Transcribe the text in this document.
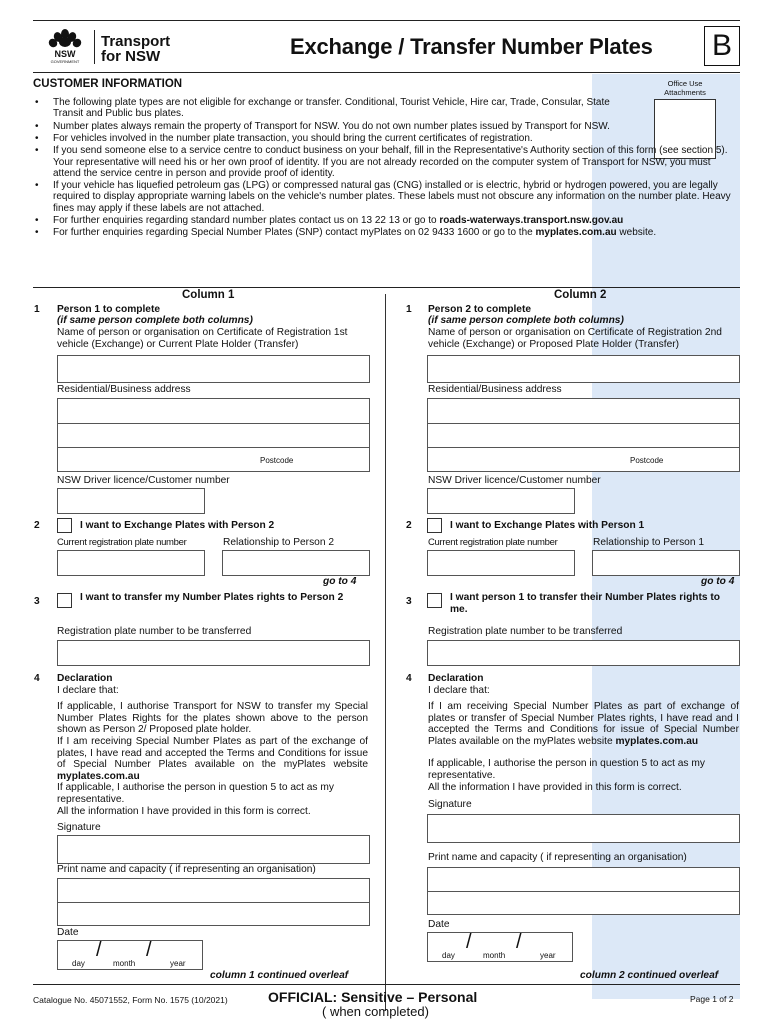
NSW
GOVERNMENT
Transport
for NSW	Exchange / Transfer Number Plates B
CUSTOMER INFORMATION	Office Use Attachments
• The following plate types are not eligible for exchange or transfer. Conditional, Tourist Vehicle, Hire car, Trade, Consular, State Transit and Public bus plates.
• Number plates always remain the property of Transport for NSW. You do not own number plates issued by Transport for NSW.
• For vehicles involved in the number plate transaction, you should bring the current certificates of registration.
• If you send someone else to a service centre to conduct business on your behalf, fill in the Representative's Authority section of this form (see section 5). Your representative will need his or her own proof of identity. If you are not already recorded on the computer system of Transport for NSW, you must attend the service centre in person and provide proof of identity.
• If your vehicle has liquefied petroleum gas (LPG) or compressed natural gas (CNG) installed or is electric, hybrid or hydrogen powered, you are legally required to display appropriate warning labels on the vehicle's number plates. These labels must not obscure any information on the number plate. Heavy fines may apply if these labels are not attached.
• For further enquiries regarding standard number plates contact us on 13 22 13 or go to roads-waterways.transport.nsw.gov.au
• For further enquiries regarding Special Number Plates (SNP) contact myPlates on 02 9433 1600 or go to the myplates.com.au website.
Column 1
1 Person 1 to complete
(if same person complete both columns)
Name of person or organisation on Certificate of Registration 1st vehicle (Exchange) or Current Plate Holder (Transfer)
Residential/Business address
Postcode
NSW Driver licence/Customer number
2	I want to Exchange Plates with Person 2
Current registration plate number	Relationship to Person 2
go to 4
3	I want to transfer my Number Plates rights to Person 2
Registration plate number to be transferred
4 Declaration
I declare that:
If applicable, I authorise Transport for NSW to transfer my Special Number Plates Rights for the plates shown above to the person shown as Person 2/ Proposed plate holder.
If I am receiving Special Number Plates as part of the exchange of plates, I have read and accepted the Terms and Conditions for issue of Special Number Plates available on the myPlates website myplates.com.au
If applicable, I authorise the person in question 5 to act as my representative.
All the information I have provided in this form is correct.
Signature
Print name and capacity ( if representing an organisation)
Date
day
/
month
/
year
column 1 continued overleaf
Column 2
1 Person 2 to complete
(if same person complete both columns)
Name of person or organisation on Certificate of Registration 2nd vehicle (Exchange) or Proposed Plate Holder (Transfer)
Residential/Business address
Postcode
NSW Driver licence/Customer number
2	I want to Exchange Plates with Person 1
Current registration plate number	Relationship to Person 1
go to 4
3	I want person 1 to transfer their Number Plates rights to me.
Registration plate number to be transferred
4 Declaration
I declare that:
If I am receiving Special Number Plates as part of exchange of plates or transfer of Special Number Plates rights, I have read and I accepted the Terms and Conditions for issue of Special Number Plates available on the myPlates website myplates.com.au
If applicable, I authorise the person in question 5 to act as my representative.
All the information I have provided in this form is correct.
Signature
Print name and capacity ( if representing an organisation)
Date
day
/
month
/
year
column 2 continued overleaf
Catalogue No. 45071552, Form No. 1575 (10/2021)	OFFICIAL: Sensitive – Personal
( when completed)
Page 1 of 2
